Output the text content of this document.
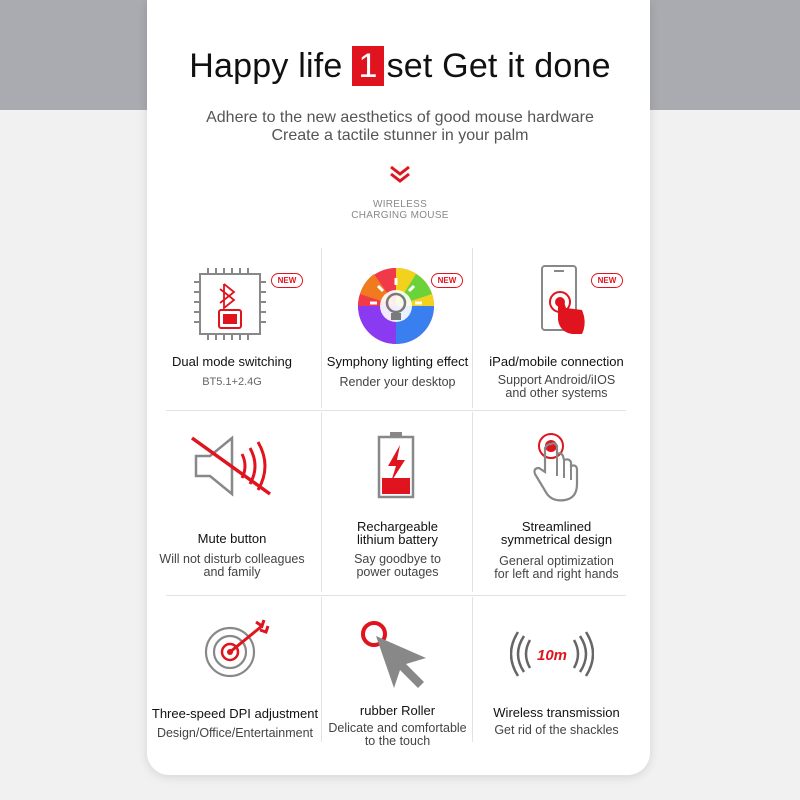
Happy life 1 set Get it done
Adhere to the new aesthetics of good mouse hardware
Create a tactile stunner in your palm
WIRELESS
CHARGING MOUSE
NEW
Dual mode switching
BT5.1+2.4G
NEW
Symphony lighting effect
Render your desktop
NEW
iPad/mobile connection
Support Android/iIOS
and other systems
Mute button
Will not disturb colleagues
and family
Rechargeable
lithium battery
Say goodbye to
power outages
Streamlined
symmetrical design
General optimization
for left and right hands
Three-speed DPI adjustment
Design/Office/Entertainment
rubber Roller
Delicate and comfortable
to the touch
10m
Wireless transmission
Get rid of the shackles
